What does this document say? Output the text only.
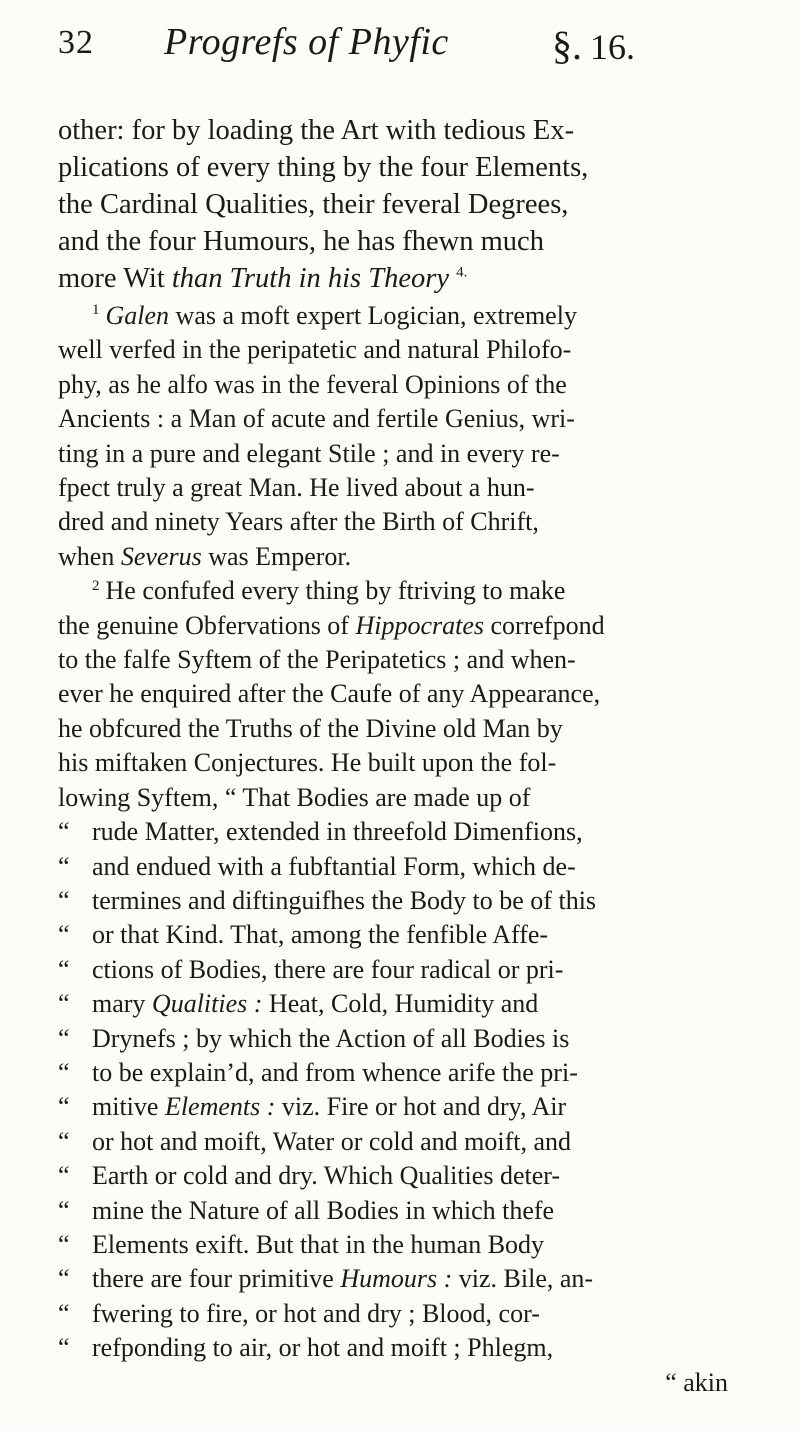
32 Progrefs of Phyfic	§. 16.
other: for by loading the Art with tedious Ex-
plications of every thing by the four Elements,
the Cardinal Qualities, their feveral Degrees,
and the four Humours, he has fhewn much
more Wit than Truth in his Theory $^{4.}$
$^1$ Galen was a moft expert Logician, extremely
well verfed in the peripatetic and natural Philofo-
phy, as he alfo was in the feveral Opinions of the
Ancients : a Man of acute and fertile Genius, wri-
ting in a pure and elegant Stile ; and in every re-
fpect truly a great Man. He lived about a hun-
dred and ninety Years after the Birth of Chrift,
when Severus was Emperor.
$^2$ He confufed every thing by ftriving to make
the genuine Obfervations of Hippocrates correfpond
to the falfe Syftem of the Peripatetics ; and when-
ever he enquired after the Caufe of any Appearance,
he obfcured the Truths of the Divine old Man by
his miftaken Conjectures. He built upon the fol-
lowing Syftem, “ That Bodies are made up of
“ rude Matter, extended in threefold Dimenfions,
“ and endued with a fubftantial Form, which de-
“ termines and diftinguifhes the Body to be of this
“ or that Kind. That, among the fenfible Affe-
“ ctions of Bodies, there are four radical or pri-
“ mary Qualities : Heat, Cold, Humidity and
“ Drynefs ; by which the Action of all Bodies is
“ to be explain’d, and from whence arife the pri-
“ mitive Elements : viz. Fire or hot and dry, Air
“ or hot and moift, Water or cold and moift, and
“ Earth or cold and dry. Which Qualities deter-
“ mine the Nature of all Bodies in which thefe
“ Elements exift. But that in the human Body
“ there are four primitive Humours : viz. Bile, an-
“ fwering to fire, or hot and dry ; Blood, cor-
“ refponding to air, or hot and moift ; Phlegm,
“ akin
